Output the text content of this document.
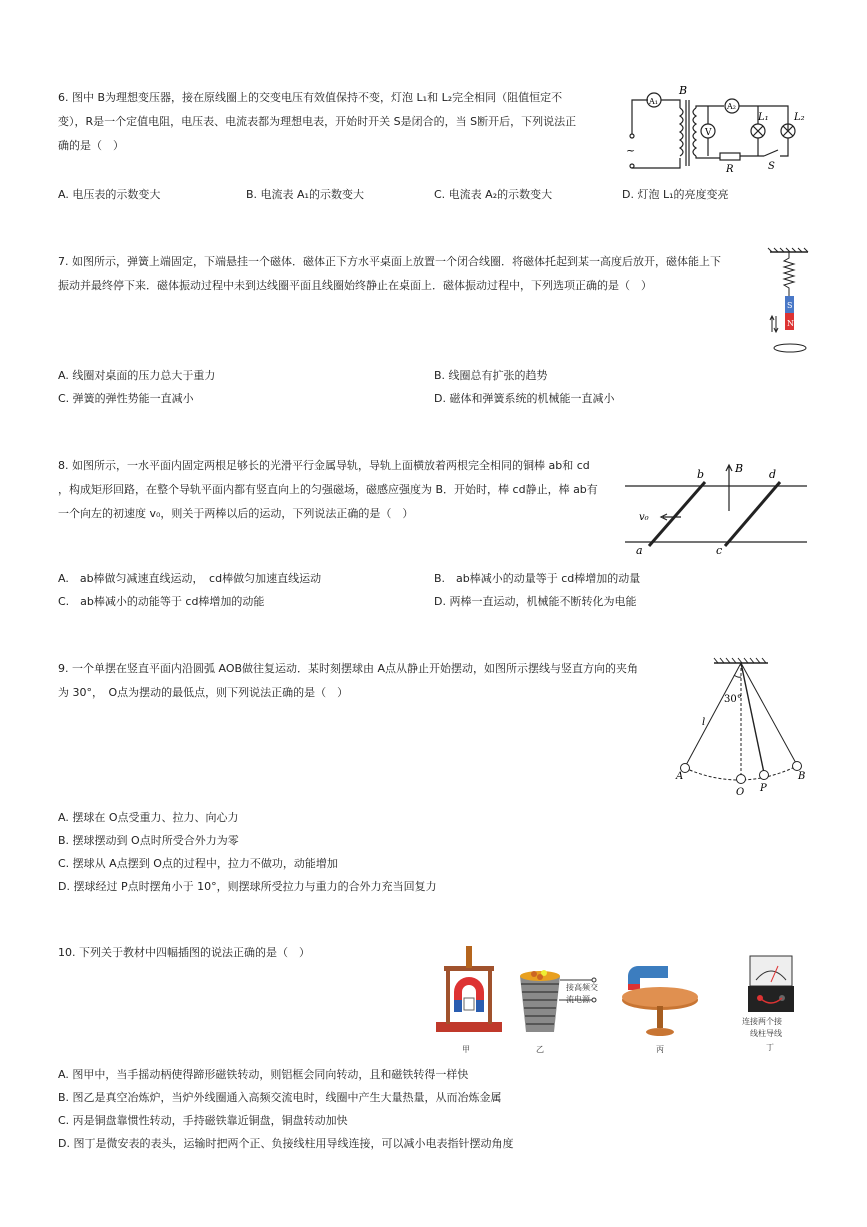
6. 图中 B为理想变压器，接在原线圈上的交变电压有效值保持不变，灯泡 L₁和 L₂完全相同（阻值恒定不
变），R是一个定值电阻，电压表、电流表都为理想电表，开始时开关 S是闭合的，当 S断开后，下列说法正
确的是（　）
A. 电压表的示数变大	B. 电流表 A₁的示数变大	C. 电流表 A₂的示数变大	D. 灯泡 L₁的亮度变亮
~
A₁
B
A₂
V
L₁	L₂
R	S
7. 如图所示，弹簧上端固定，下端悬挂一个磁体．磁体正下方水平桌面上放置一个闭合线圈．将磁体托起到某一高度后放开，磁体能上下
振动并最终停下来．磁体振动过程中未到达线圈平面且线圈始终静止在桌面上．磁体振动过程中，下列选项正确的是（　）
A. 线圈对桌面的压力总大于重力	B. 线圈总有扩张的趋势
C. 弹簧的弹性势能一直减小	D. 磁体和弹簧系统的机械能一直减小
S
N
8. 如图所示，一水平面内固定两根足够长的光滑平行金属导轨，导轨上面横放着两根完全相同的铜棒 ab和 cd
，构成矩形回路，在整个导轨平面内都有竖直向上的匀强磁场，磁感应强度为 B．开始时，棒 cd静止，棒 ab有
一个向左的初速度 v₀，则关于两棒以后的运动，下列说法正确的是（　）
A.　ab棒做匀减速直线运动，　cd棒做匀加速直线运动	B.　ab棒减小的动量等于 cd棒增加的动量
C.　ab棒减小的动能等于 cd棒增加的动能	D. 两棒一直运动，机械能不断转化为电能
a
b
c
d
B
v₀
9. 一个单摆在竖直平面内沿圆弧 AOB做往复运动．某时刻摆球由 A点从静止开始摆动，如图所示摆线与竖直方向的夹角
为 30°，　O点为摆动的最低点，则下列说法正确的是（　）
A. 摆球在 O点受重力、拉力、向心力
B. 摆球摆动到 O点时所受合外力为零
C. 摆球从 A点摆到 O点的过程中，拉力不做功，动能增加
D. 摆球经过 P点时摆角小于 10°，则摆球所受拉力与重力的合外力充当回复力
30°
l
A
O P
B
10. 下列关于教材中四幅插图的说法正确的是（　）
A. 图甲中，当手摇动柄使得蹄形磁铁转动，则铝框会同向转动，且和磁铁转得一样快
B. 图乙是真空冶炼炉，当炉外线圈通入高频交流电时，线圈中产生大量热量，从而冶炼金属
C. 丙是铜盘靠惯性转动，手持磁铁靠近铜盘，铜盘转动加快
D. 图丁是微安表的表头，运输时把两个正、负接线柱用导线连接，可以减小电表指针摆动角度
甲	乙
接高频交
流电源
丙
连接两个接
线柱导线
丁
